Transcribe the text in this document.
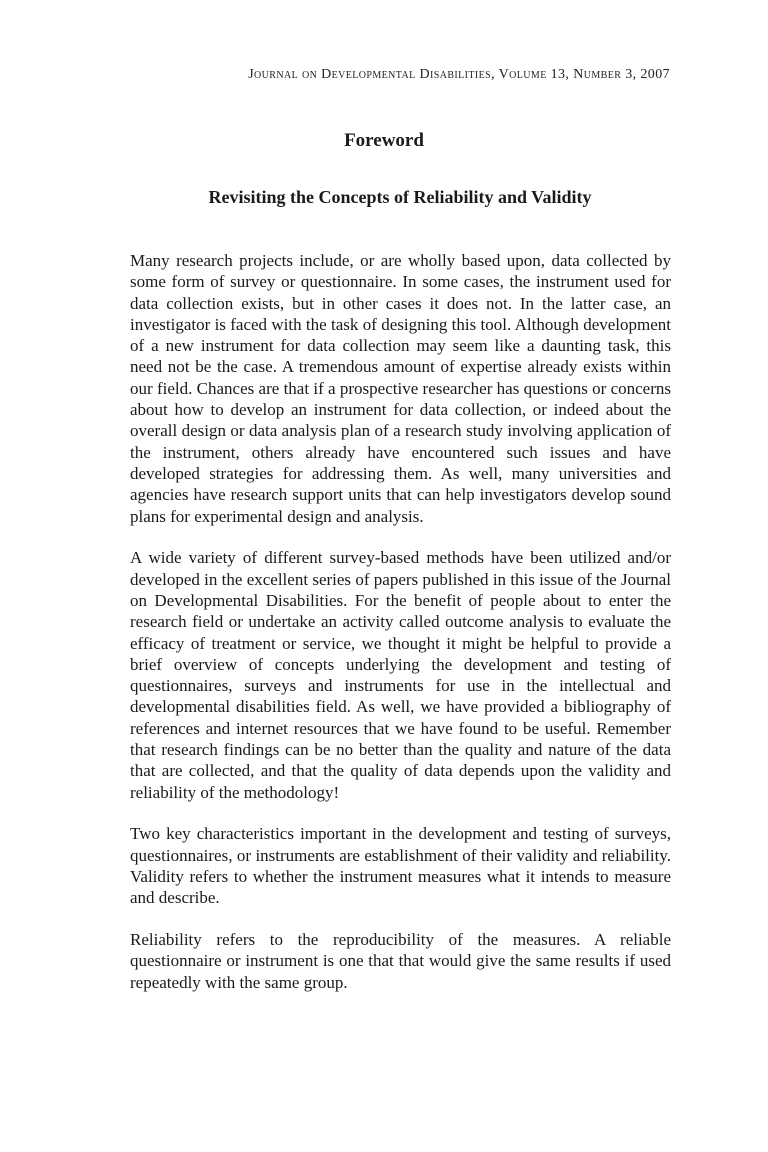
Journal on Developmental Disabilities, Volume 13, Number 3, 2007
Foreword
Revisiting the Concepts of Reliability and Validity

Many research projects include, or are wholly based upon, data collected by some form of survey or questionnaire. In some cases, the instrument used for data collection exists, but in other cases it does not. In the latter case, an investigator is faced with the task of designing this tool. Although development of a new instrument for data collection may seem like a daunting task, this need not be the case. A tremendous amount of expertise already exists within our field. Chances are that if a prospective researcher has questions or concerns about how to develop an instrument for data collection, or indeed about the overall design or data analysis plan of a research study involving application of the instrument, others already have encountered such issues and have developed strategies for addressing them. As well, many universities and agencies have research support units that can help investigators develop sound plans for experimental design and analysis.

A wide variety of different survey-based methods have been utilized and/or developed in the excellent series of papers published in this issue of the Journal on Developmental Disabilities. For the benefit of people about to enter the research field or undertake an activity called outcome analysis to evaluate the efficacy of treatment or service, we thought it might be helpful to provide a brief overview of concepts underlying the development and testing of questionnaires, surveys and instruments for use in the intellectual and developmental disabilities field. As well, we have provided a bibliography of references and internet resources that we have found to be useful. Remember that research findings can be no better than the quality and nature of the data that are collected, and that the quality of data depends upon the validity and reliability of the methodology!

Two key characteristics important in the development and testing of surveys, questionnaires, or instruments are establishment of their validity and reliability. Validity refers to whether the instrument measures what it intends to measure and describe.

Reliability refers to the reproducibility of the measures. A reliable questionnaire or instrument is one that that would give the same results if used repeatedly with the same group.
